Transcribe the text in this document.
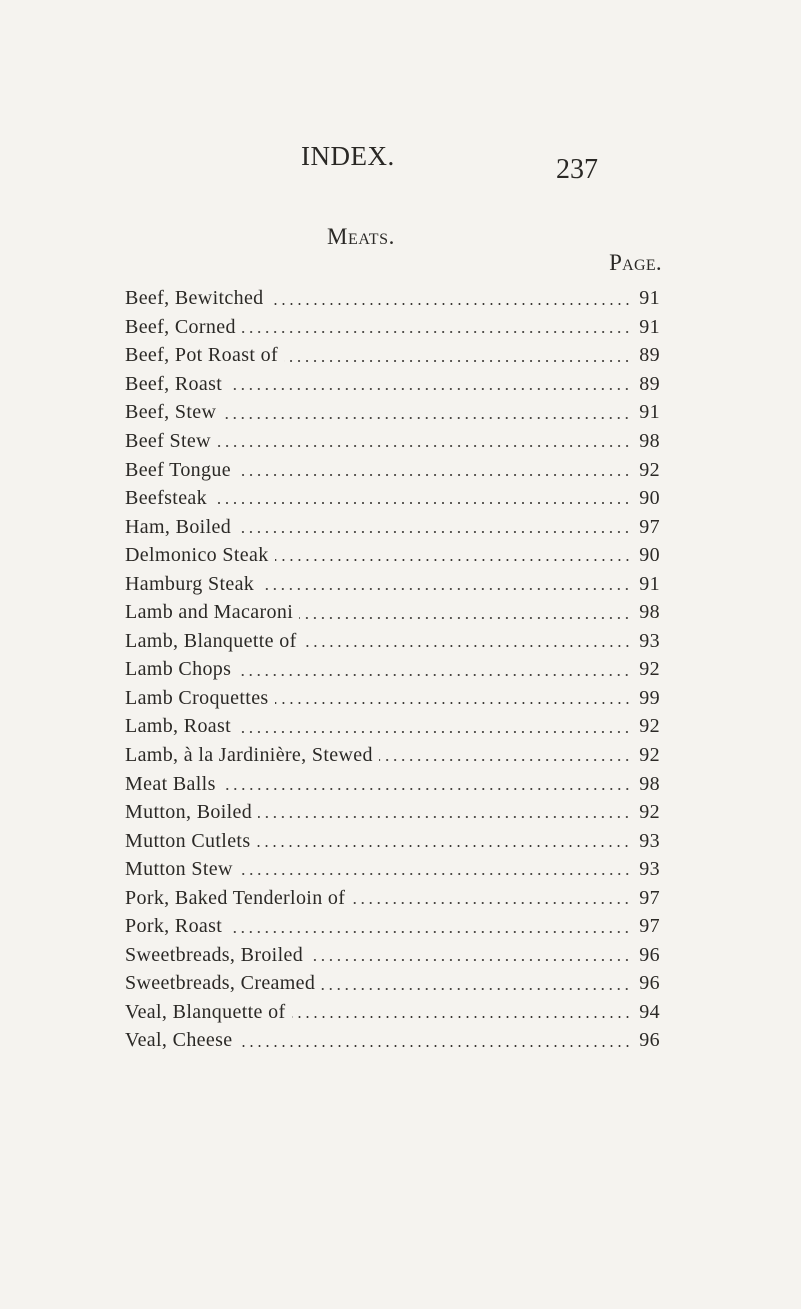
INDEX.	237
Meats.
Page.
Beef, Bewitched	91
Beef, Corned	91
Beef, Pot Roast of	89
Beef, Roast	89
Beef, Stew	91
Beef Stew	98
Beef Tongue	92
Beefsteak	90
Ham, Boiled	97
Delmonico Steak	90
Hamburg Steak	91
Lamb and Macaroni	98
Lamb, Blanquette of	93
Lamb Chops	92
Lamb Croquettes	99
Lamb, Roast	92
Lamb, à la Jardinière, Stewed	92
Meat Balls	98
Mutton, Boiled	92
Mutton Cutlets	93
Mutton Stew	93
Pork, Baked Tenderloin of	97
Pork, Roast	97
Sweetbreads, Broiled	96
Sweetbreads, Creamed	96
Veal, Blanquette of	94
Veal, Cheese	96
